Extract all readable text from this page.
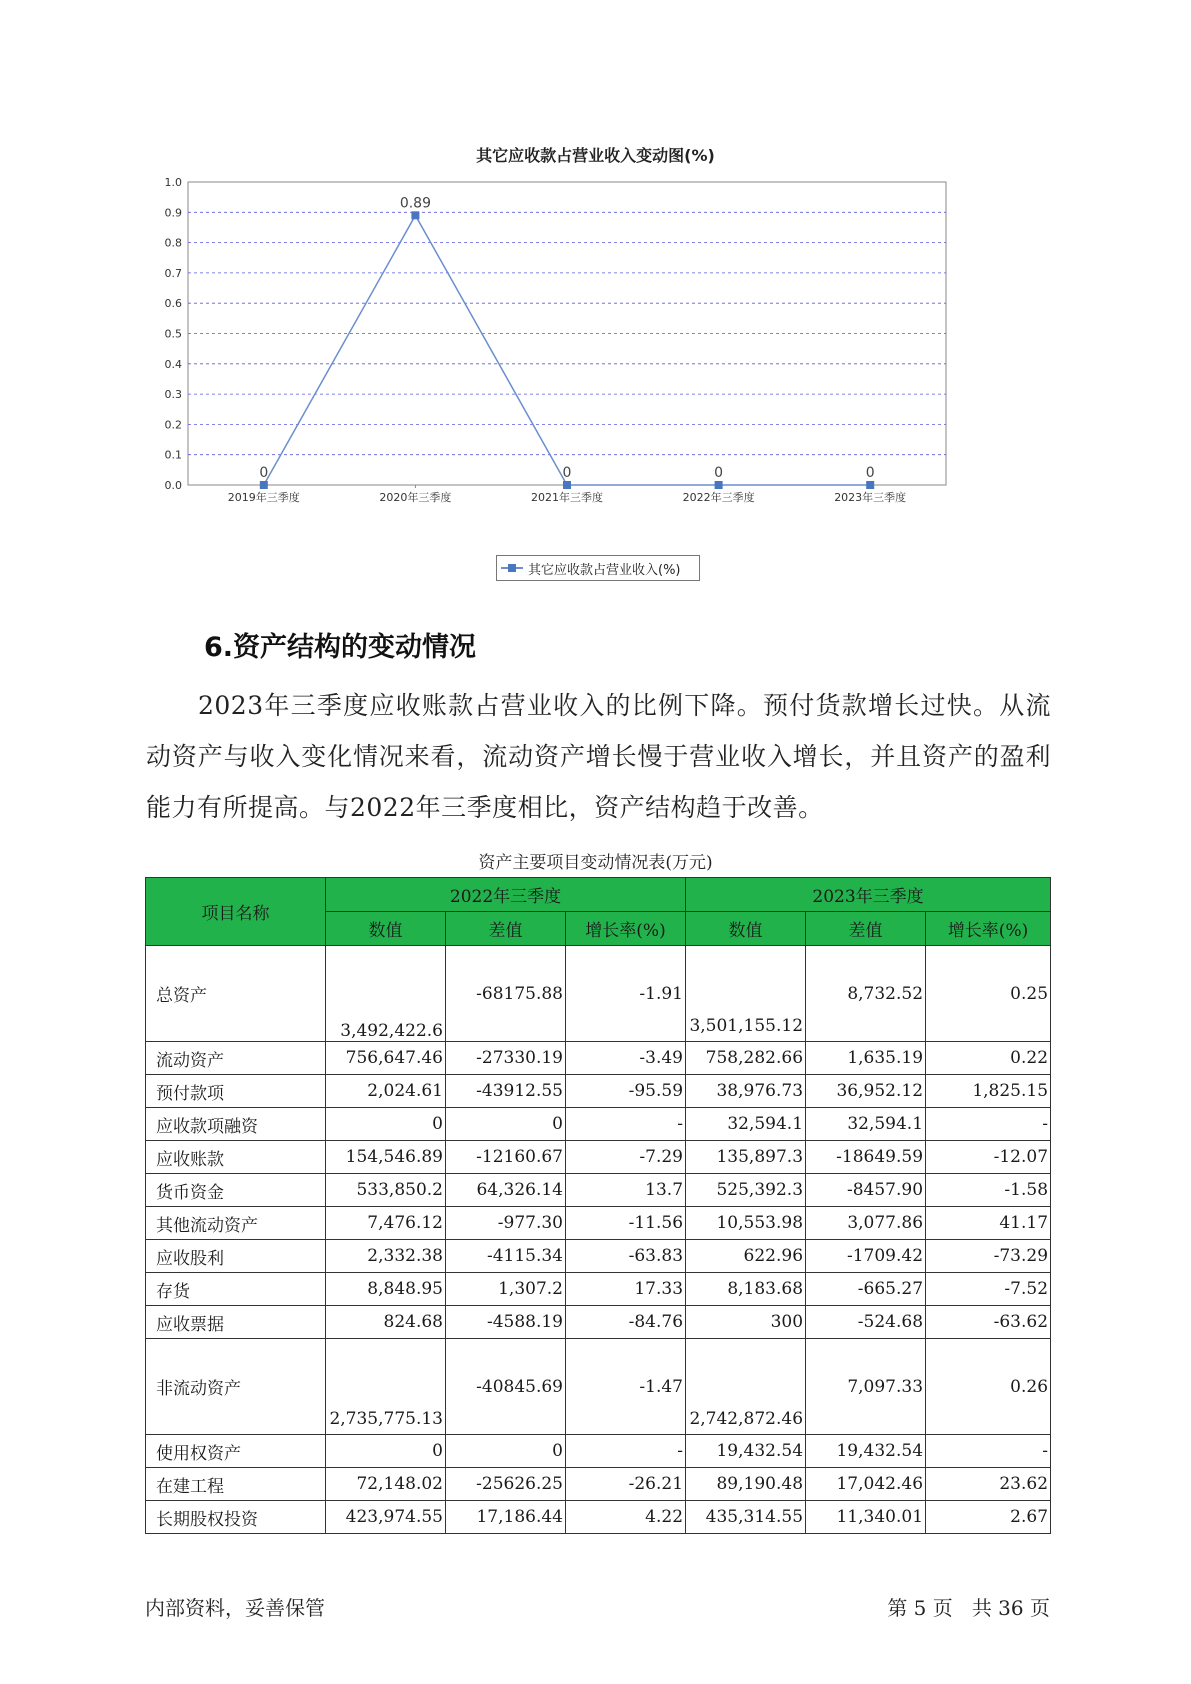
其它应收款占营业收入变动图(%)
0.0
0.1
0.2
0.3
0.4
0.5
0.6
0.7
0.8
0.9
1.0
2019年三季度	2020年三季度	2021年三季度	2022年三季度	2023年三季度
0
0.89
0	0	0
其它应收款占营业收入(%)
6.资产结构的变动情况
2023年三季度应收账款占营业收入的比例下降。预付货款增长过快。从流动资产与收入变化情况来看，流动资产增长慢于营业收入增长，并且资产的盈利能力有所提高。与2022年三季度相比，资产结构趋于改善。
资产主要项目变动情况表(万元)
项目名称	2022年三季度			2023年三季度		
	数值	差值	增长率(%)	数值	差值	增长率(%)
总资产	3,492,422.6	-68175.88	-1.91	3,501,155.12	8,732.52	0.25
流动资产	756,647.46	-27330.19	-3.49	758,282.66	1,635.19	0.22
预付款项	2,024.61	-43912.55	-95.59	38,976.73	36,952.12	1,825.15
应收款项融资	0	0	-	32,594.1	32,594.1	-
应收账款	154,546.89	-12160.67	-7.29	135,897.3	-18649.59	-12.07
货币资金	533,850.2	64,326.14	13.7	525,392.3	-8457.90	-1.58
其他流动资产	7,476.12	-977.30	-11.56	10,553.98	3,077.86	41.17
应收股利	2,332.38	-4115.34	-63.83	622.96	-1709.42	-73.29
存货	8,848.95	1,307.2	17.33	8,183.68	-665.27	-7.52
应收票据	824.68	-4588.19	-84.76	300	-524.68	-63.62
非流动资产	2,735,775.13	-40845.69	-1.47	2,742,872.46	7,097.33	0.26
使用权资产	0	0	-	19,432.54	19,432.54	-
在建工程	72,148.02	-25626.25	-26.21	89,190.48	17,042.46	23.62
长期股权投资	423,974.55	17,186.44	4.22	435,314.55	11,340.01	2.67
内部资料，妥善保管	第 5 页   共 36 页
